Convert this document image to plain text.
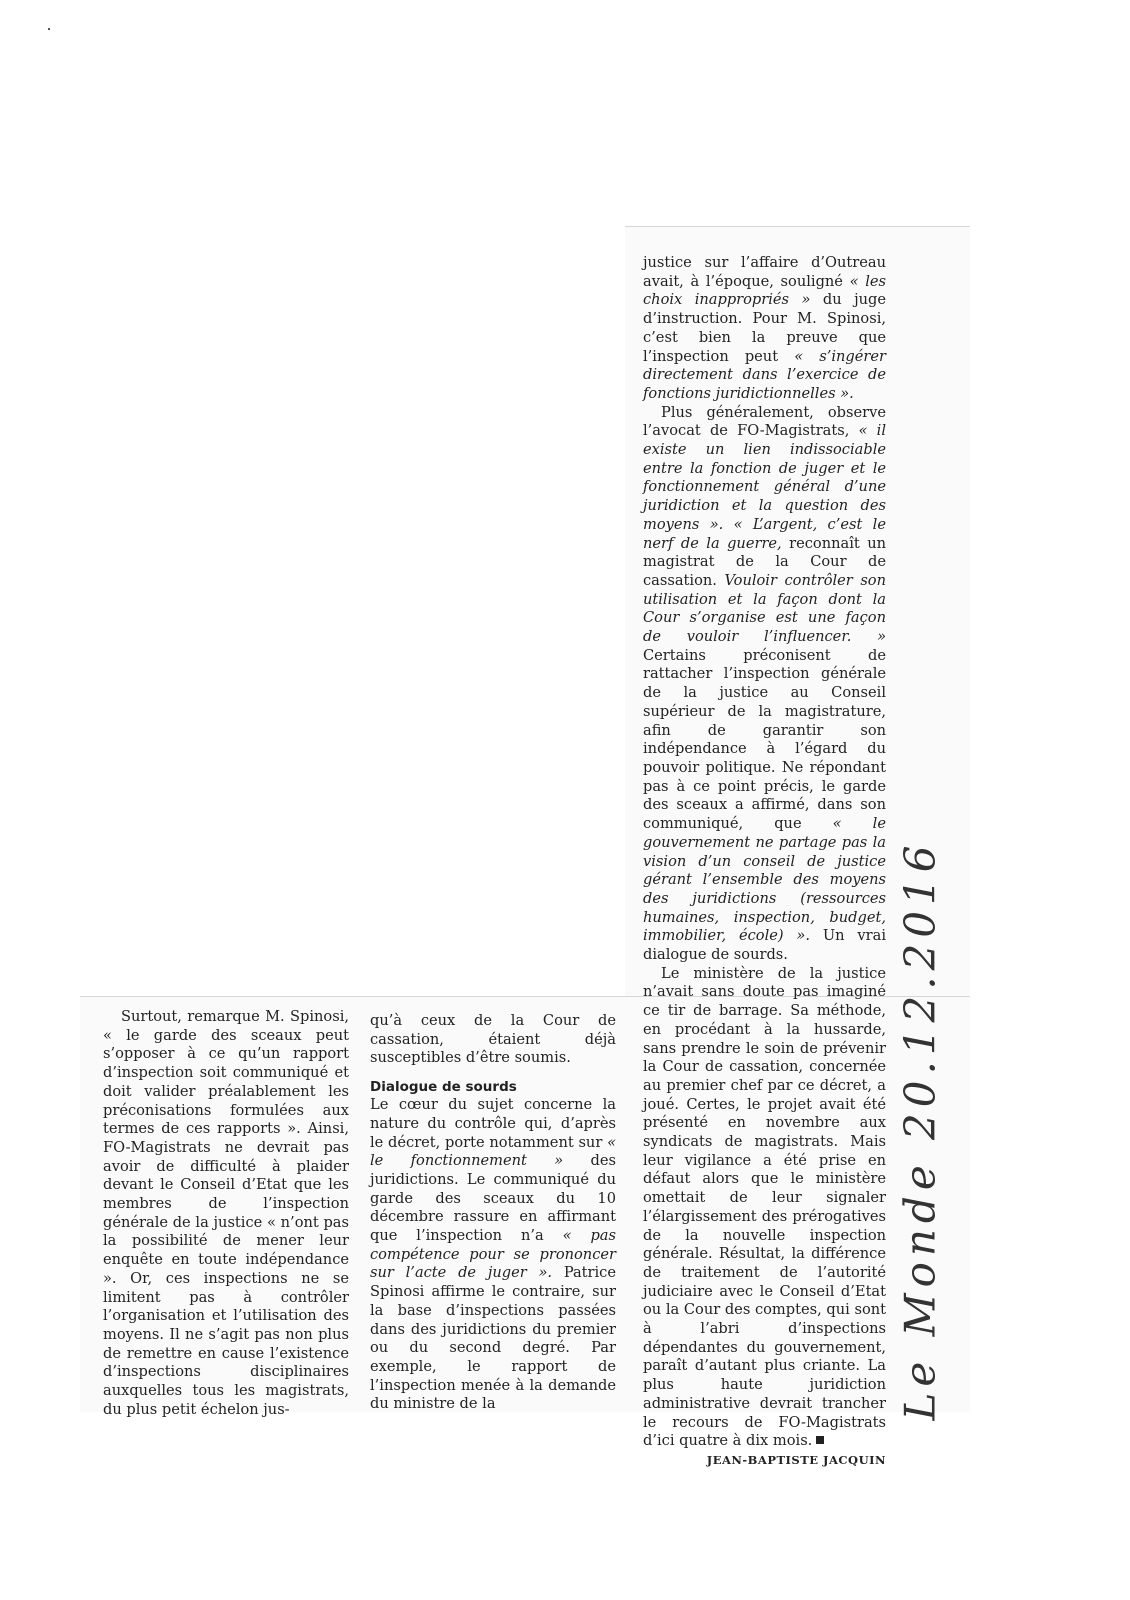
Surtout, remarque M. Spinosi, « le garde des sceaux peut s’opposer à ce qu’un rapport d’inspection soit communiqué et doit valider préalablement les préconisations formulées aux termes de ces rapports ». Ainsi, FO-Magistrats ne devrait pas avoir de difficulté à plaider devant le Conseil d’Etat que les membres de l’inspection générale de la justice « n’ont pas la possibilité de mener leur enquête en toute indépendance ». Or, ces inspections ne se limitent pas à contrôler l’organisation et l’utilisation des moyens. Il ne s’agit pas non plus de remettre en cause l’existence d’inspections disciplinaires auxquelles tous les magistrats, du plus petit échelon jus-

qu’à ceux de la Cour de cassation, étaient déjà susceptibles d’être soumis.

Dialogue de sourds

Le cœur du sujet concerne la nature du contrôle qui, d’après le décret, porte notamment sur « le fonctionnement » des juridictions. Le communiqué du garde des sceaux du 10 décembre rassure en affirmant que l’inspection n’a « pas compétence pour se prononcer sur l’acte de juger ». Patrice Spinosi affirme le contraire, sur la base d’inspections passées dans des juridictions du premier ou du second degré. Par exemple, le rapport de l’inspection menée à la demande du ministre de la

justice sur l’affaire d’Outreau avait, à l’époque, souligné « les choix inappropriés » du juge d’instruction. Pour M. Spinosi, c’est bien la preuve que l’inspection peut « s’ingérer directement dans l’exercice de fonctions juridictionnelles ».

Plus généralement, observe l’avocat de FO-Magistrats, « il existe un lien indissociable entre la fonction de juger et le fonctionnement général d’une juridiction et la question des moyens ». « L’argent, c’est le nerf de la guerre, reconnaît un magistrat de la Cour de cassation. Vouloir contrôler son utilisation et la façon dont la Cour s’organise est une façon de vouloir l’influencer. » Certains préconisent de rattacher l’inspection générale de la justice au Conseil supérieur de la magistrature, afin de garantir son indépendance à l’égard du pouvoir politique. Ne répondant pas à ce point précis, le garde des sceaux a affirmé, dans son communiqué, que « le gouvernement ne partage pas la vision d’un conseil de justice gérant l’ensemble des moyens des juridictions (ressources humaines, inspection, budget, immobilier, école) ». Un vrai dialogue de sourds.

Le ministère de la justice n’avait sans doute pas imaginé ce tir de barrage. Sa méthode, en procédant à la hussarde, sans prendre le soin de prévenir la Cour de cassation, concernée au premier chef par ce décret, a joué. Certes, le projet avait été présenté en novembre aux syndicats de magistrats. Mais leur vigilance a été prise en défaut alors que le ministère omettait de leur signaler l’élargissement des prérogatives de la nouvelle inspection générale. Résultat, la différence de traitement de l’autorité judiciaire avec le Conseil d’Etat ou la Cour des comptes, qui sont à l’abri d’inspections dépendantes du gouvernement, paraît d’autant plus criante. La plus haute juridiction administrative devrait trancher le recours de FO-Magistrats d’ici quatre à dix mois.

JEAN-BAPTISTE JACQUIN

Le Monde 20.12.2016
